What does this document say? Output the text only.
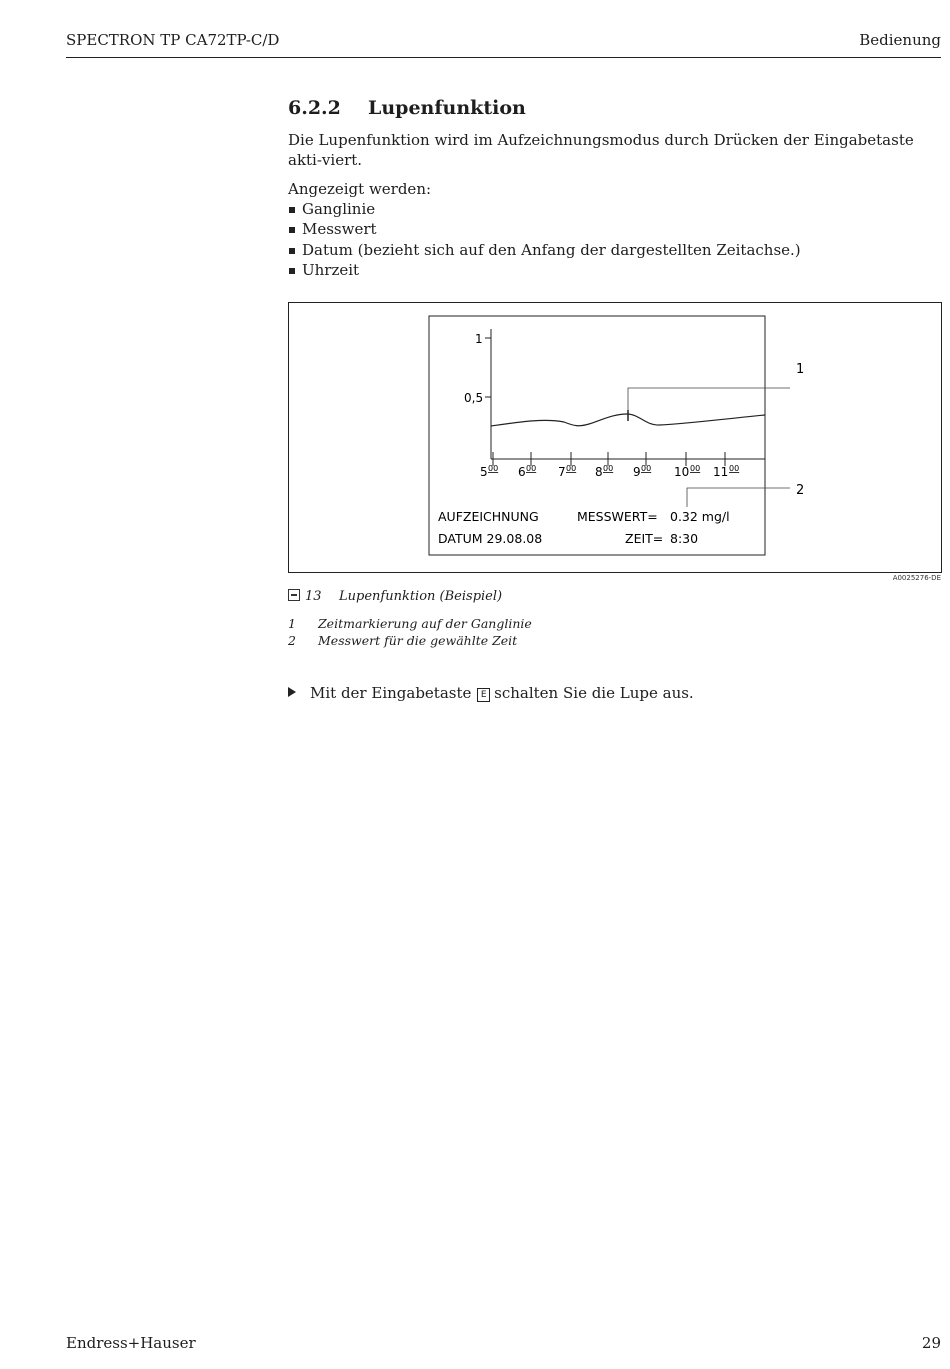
SPECTRON TP CA72TP-C/D	Bedienung
6.2.2 Lupenfunktion

Die Lupenfunktion wird im Aufzeichnungsmodus durch Drücken der Eingabetaste akti-viert.

Angezeigt werden:

Ganglinie
Messwert
Datum (bezieht sich auf den Anfang der dargestellten Zeitachse.)
Uhrzeit
1
0,5
5 00 6 00 7 00 8 00 9 00 10 00 11 00
1
2
AUFZEICHNUNG	MESSWERT= 0.32 mg/l
DATUM 29.08.08	ZEIT= 8:30
A0025276-DE
13 Lupenfunktion (Beispiel)
1 Zeitmarkierung auf der Ganglinie
2 Messwert für die gewählte Zeit
Mit der Eingabetaste E schalten Sie die Lupe aus.
Endress+Hauser	29
